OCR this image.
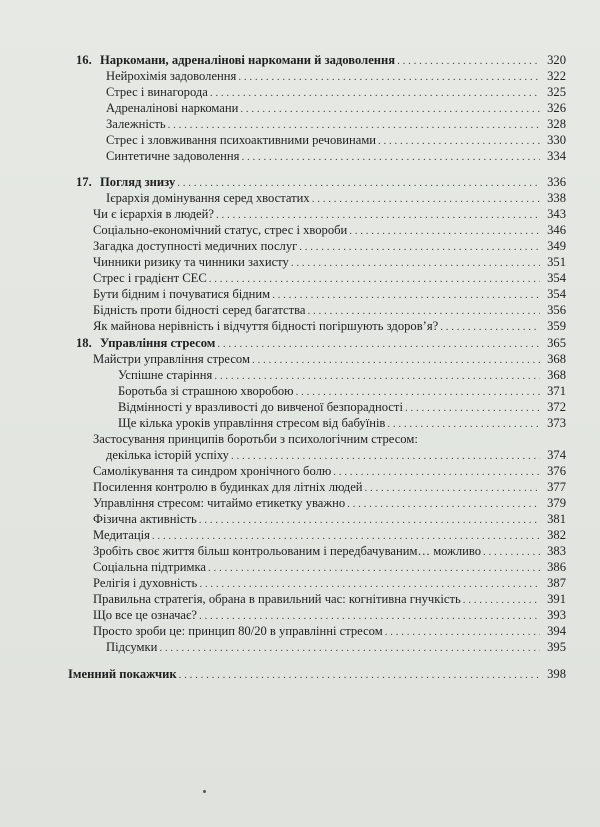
16. Наркомани, адреналінові наркомани й задоволення . . .	320
Нейрохімія задоволення . . .	322
Стрес і винагорода . . .	325
Адреналінові наркомани . . .	326
Залежність . . .	328
Стрес і зловживання психоактивними речовинами . . .	330
Синтетичне задоволення . . .	334
17. Погляд знизу . . .	336
Ієрархія домінування серед хвостатих . . .	338
Чи є ієрархія в людей? . . .	343
Соціально-економічний статус, стрес і хвороби . . .	346
Загадка доступності медичних послуг . . .	349
Чинники ризику та чинники захисту . . .	351
Стрес і градієнт СЕС . . .	354
Бути бідним і почуватися бідним . . .	354
Бідність проти бідності серед багатства . . .	356
Як майнова нерівність і відчуття бідності погіршують здоров’я? . . .	359
18. Управління стресом . . .	365
Майстри управління стресом . . .	368
Успішне старіння . . .	368
Боротьба зі страшною хворобою . . .	371
Відмінності у вразливості до вивченої безпорадності . . .	372
Ще кілька уроків управління стресом від бабуїнів . . .	373
Застосування принципів боротьби з психологічним стресом:
декілька історій успіху . . .	374
Самолікування та синдром хронічного болю . . .	376
Посилення контролю в будинках для літніх людей . . .	377
Управління стресом: читаймо етикетку уважно . . .	379
Фізична активність . . .	381
Медитація . . .	382
Зробіть своє життя більш контрольованим і передбачуваним… можливо . . .	383
Соціальна підтримка . . .	386
Релігія і духовність . . .	387
Правильна стратегія, обрана в правильний час: когнітивна гнучкість . . .	391
Що все це означає? . . .	393
Просто зроби це: принцип 80/20 в управлінні стресом . . .	394
Підсумки . . .	395
Іменний покажчик . . .	398
